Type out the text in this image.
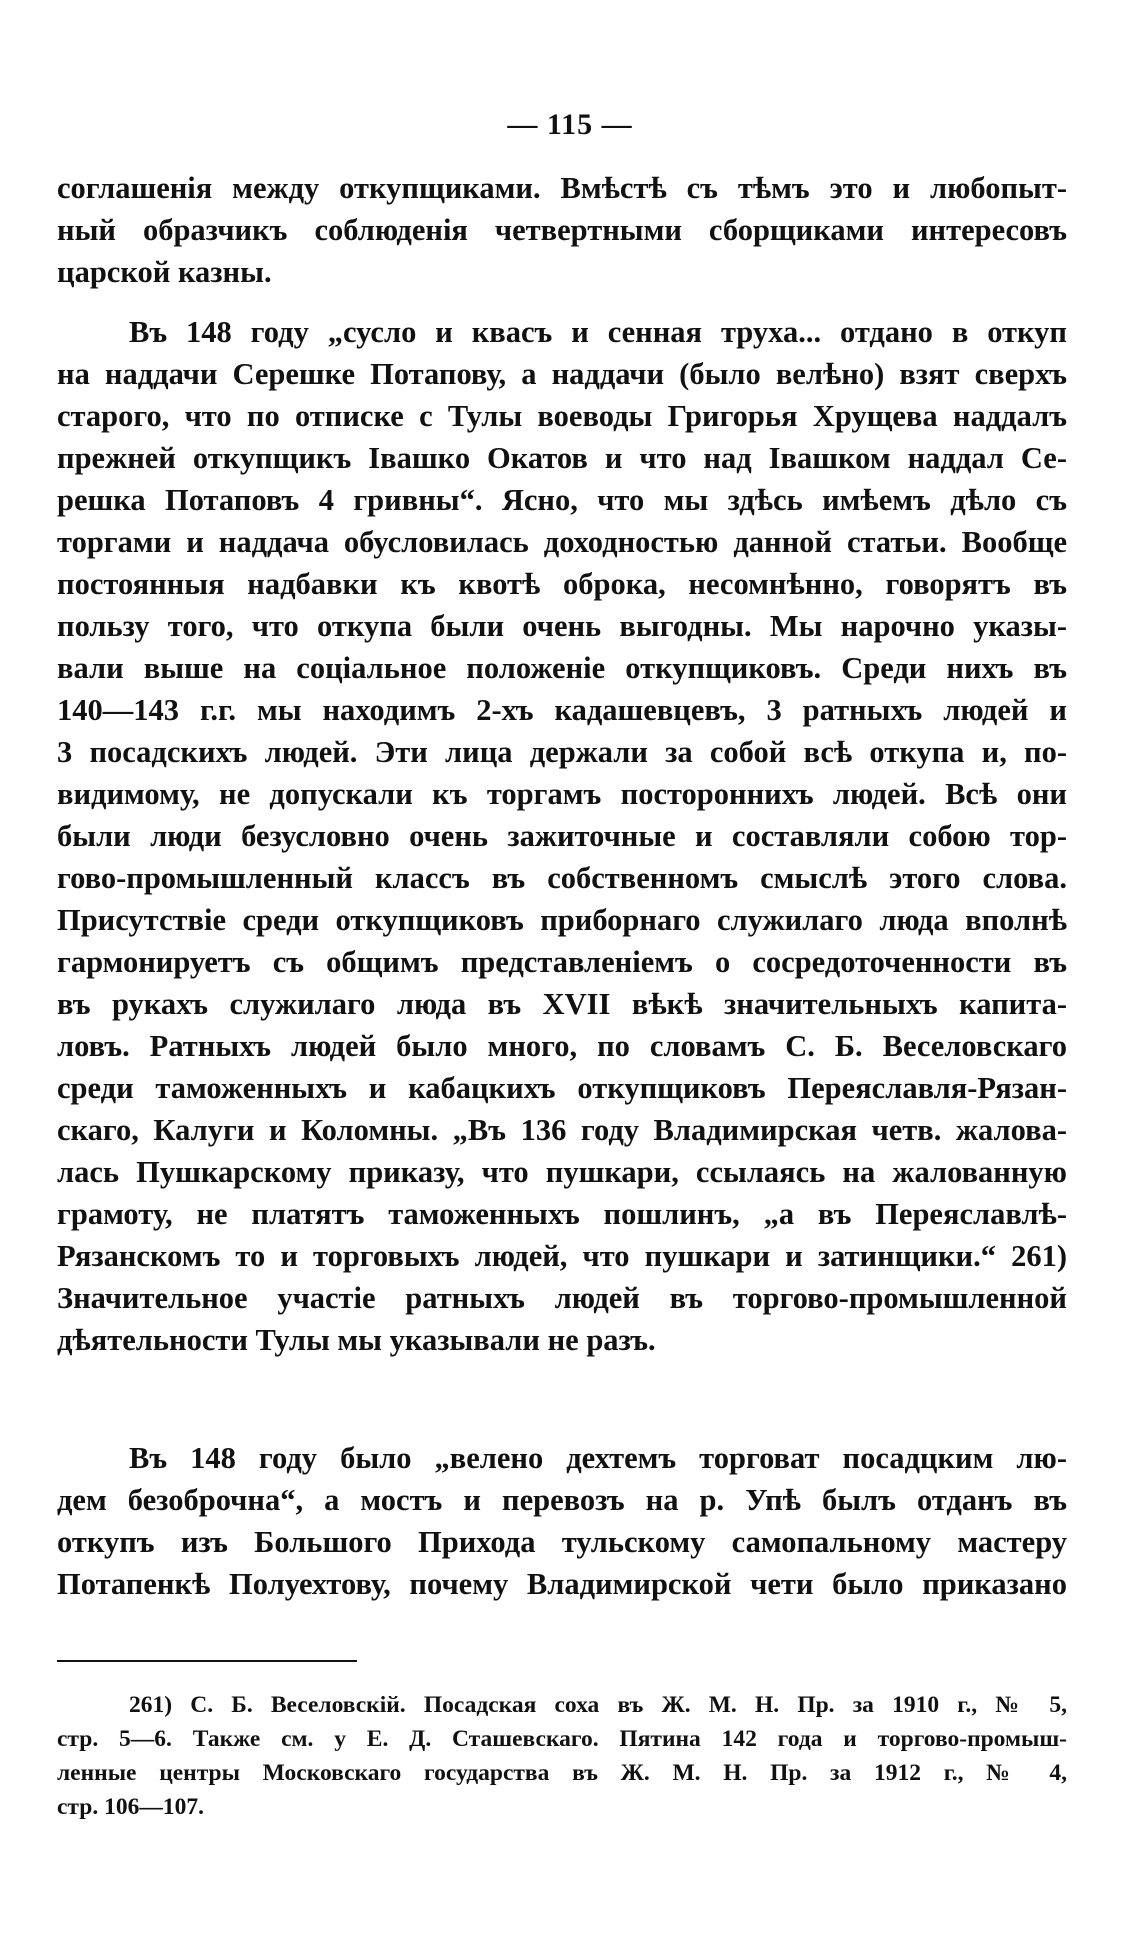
— 115 —
соглашенія между откупщиками. Вмѣстѣ съ тѣмъ это и любопыт-
ный образчикъ соблюденія четвертными сборщиками интересовъ
царской казны.
Въ 148 году „сусло и квасъ и сенная труха... отдано в откуп
на наддачи Серешке Потапову, а наддачи (было велѣно) взят сверхъ
старого, что по отписке с Тулы воеводы Григорья Хрущева наддалъ
прежней откупщикъ Івашко Окатов и что над Івашком наддал Се-
решка Потаповъ 4 гривны“. Ясно, что мы здѣсь имѣемъ дѣло съ
торгами и наддача обусловилась доходностью данной статьи. Вообще
постоянныя надбавки къ квотѣ оброка, несомнѣнно, говорятъ въ
пользу того, что откупа были очень выгодны. Мы нарочно указы-
вали выше на соціальное положеніе откупщиковъ. Среди нихъ въ
140—143 г.г. мы находимъ 2-хъ кадашевцевъ, 3 ратныхъ людей и
3 посадскихъ людей. Эти лица держали за собой всѣ откупа и, по-
видимому, не допускали къ торгамъ постороннихъ людей. Всѣ они
были люди безусловно очень зажиточные и составляли собою тор-
гово-промышленный классъ въ собственномъ смыслѣ этого слова.
Присутствіе среди откупщиковъ приборнаго служилаго люда вполнѣ
гармонируетъ съ общимъ представленіемъ о сосредоточенности въ
въ рукахъ служилаго люда въ XVII вѣкѣ значительныхъ капита-
ловъ. Ратныхъ людей было много, по словамъ С. Б. Веселовскаго
среди таможенныхъ и кабацкихъ откупщиковъ Переяславля-Рязан-
скаго, Калуги и Коломны. „Въ 136 году Владимирская четв. жалова-
лась Пушкарскому приказу, что пушкари, ссылаясь на жалованную
грамоту, не платятъ таможенныхъ пошлинъ, „а въ Переяславлѣ-
Рязанскомъ то и торговыхъ людей, что пушкари и затинщики.“ 261)
Значительное участіе ратныхъ людей въ торгово-промышленной
дѣятельности Тулы мы указывали не разъ.
Въ 148 году было „велено дехтемъ торговат посадцким лю-
дем безоброчна“, а мостъ и перевозъ на р. Упѣ былъ отданъ въ
откупъ изъ Большого Прихода тульскому самопальному мастеру
Потапенкѣ Полуехтову, почему Владимирской чети было приказано
261) С. Б. Веселовскій. Посадская соха въ Ж. М. Н. Пр. за 1910 г., № 5,
стр. 5—6. Также см. у Е. Д. Сташевскаго. Пятина 142 года и торгово-промыш-
ленные центры Московскаго государства въ Ж. М. Н. Пр. за 1912 г., № 4,
стр. 106—107.
